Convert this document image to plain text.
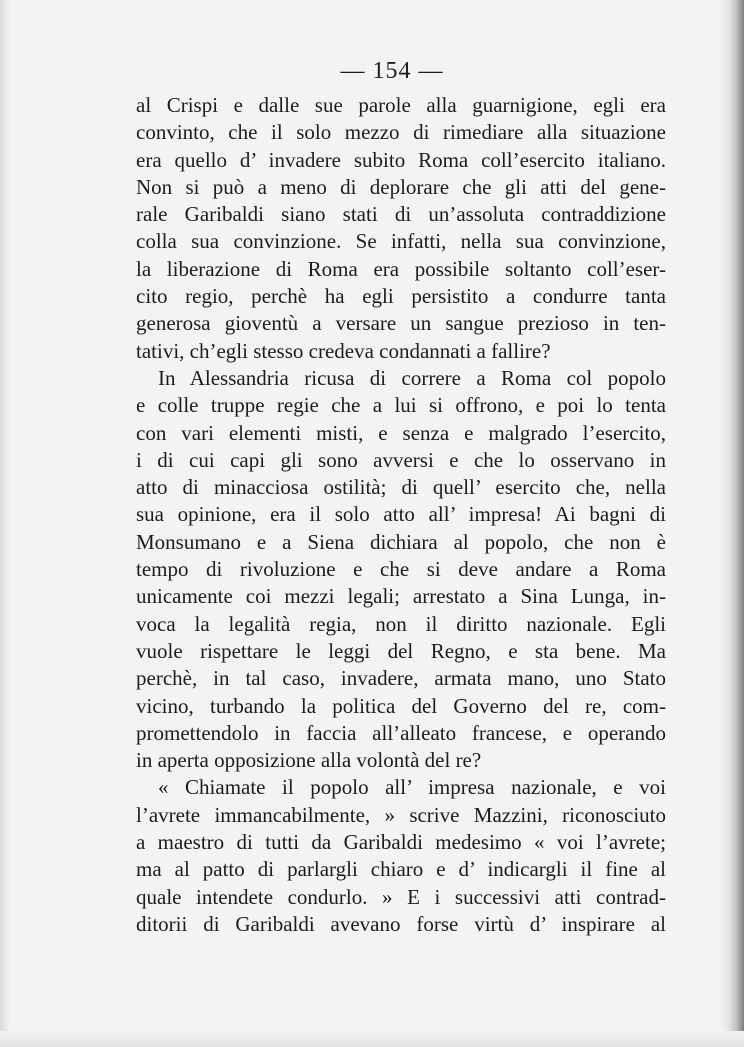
— 154 —
al Crispi e dalle sue parole alla guarnigione, egli era
convinto, che il solo mezzo di rimediare alla situazione
era quello d’ invadere subito Roma coll’esercito italiano.
Non si può a meno di deplorare che gli atti del gene-
rale Garibaldi siano stati di un’assoluta contraddizione
colla sua convinzione. Se infatti, nella sua convinzione,
la liberazione di Roma era possibile soltanto coll’eser-
cito regio, perchè ha egli persistito a condurre tanta
generosa gioventù a versare un sangue prezioso in ten-
tativi, ch’egli stesso credeva condannati a fallire?
In Alessandria ricusa di correre a Roma col popolo
e colle truppe regie che a lui si offrono, e poi lo tenta
con vari elementi misti, e senza e malgrado l’esercito,
i di cui capi gli sono avversi e che lo osservano in
atto di minacciosa ostilità; di quell’ esercito che, nella
sua opinione, era il solo atto all’ impresa! Ai bagni di
Monsumano e a Siena dichiara al popolo, che non è
tempo di rivoluzione e che si deve andare a Roma
unicamente coi mezzi legali; arrestato a Sina Lunga, in-
voca la legalità regia, non il diritto nazionale. Egli
vuole rispettare le leggi del Regno, e sta bene. Ma
perchè, in tal caso, invadere, armata mano, uno Stato
vicino, turbando la politica del Governo del re, com-
promettendolo in faccia all’alleato francese, e operando
in aperta opposizione alla volontà del re?
« Chiamate il popolo all’ impresa nazionale, e voi
l’avrete immancabilmente, » scrive Mazzini, riconosciuto
a maestro di tutti da Garibaldi medesimo « voi l’avrete;
ma al patto di parlargli chiaro e d’ indicargli il fine al
quale intendete condurlo. » E i successivi atti contrad-
ditorii di Garibaldi avevano forse virtù d’ inspirare al
